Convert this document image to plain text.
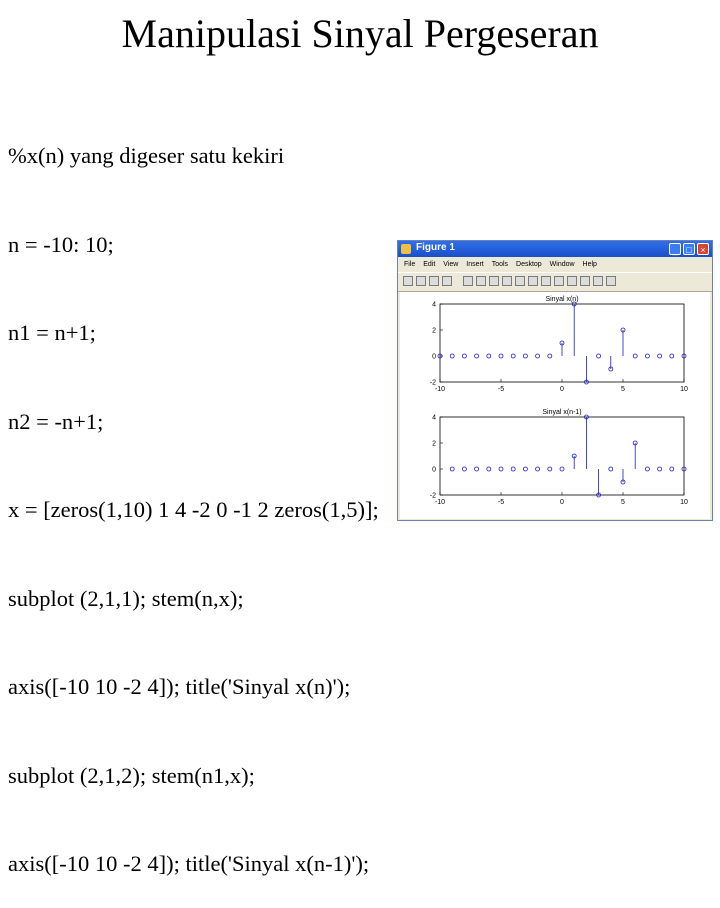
Manipulasi Sinyal Pergeseran

%x(n) yang digeser satu kekiri

n = -10: 10;

n1 = n+1;

n2 = -n+1;

x = [zeros(1,10) 1 4 -2 0 -1 2 zeros(1,5)];

subplot (2,1,1); stem(n,x);

axis([-10 10 -2 4]); title('Sinyal x(n)');

subplot (2,1,2); stem(n1,x);

axis([-10 10 -2 4]); title('Sinyal x(n-1)');

Figure 1	_ □ ×
File Edit View Insert Tools Desktop Window Help
Sinyal x(n)
4
2
0
-2
-10	-5	0	5	10
Sinyal x(n-1)
4
2
0
-2
-10	-5	0	5	10
